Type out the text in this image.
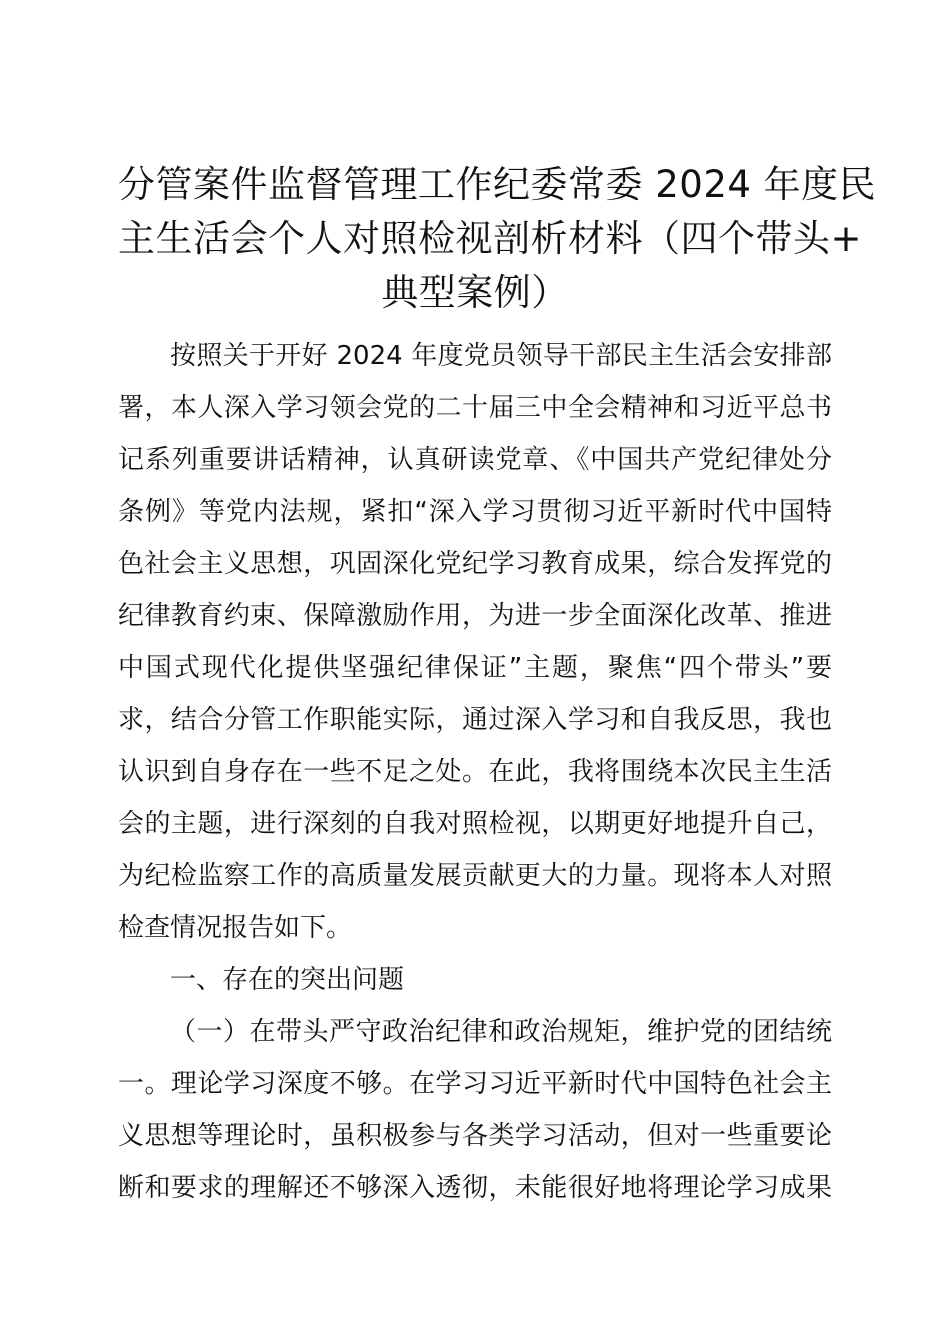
分管案件监督管理工作纪委常委 2024 年度民
主生活会个人对照检视剖析材料（四个带头+
典型案例）
按照关于开好 2024 年度党员领导干部民主生活会安排部
署，本人深入学习领会党的二十届三中全会精神和习近平总书
记系列重要讲话精神，认真研读党章、《中国共产党纪律处分
条例》等党内法规，紧扣“深入学习贯彻习近平新时代中国特
色社会主义思想，巩固深化党纪学习教育成果，综合发挥党的
纪律教育约束、保障激励作用，为进一步全面深化改革、推进
中国式现代化提供坚强纪律保证”主题，聚焦“四个带头”要
求，结合分管工作职能实际，通过深入学习和自我反思，我也
认识到自身存在一些不足之处。在此，我将围绕本次民主生活
会的主题，进行深刻的自我对照检视，以期更好地提升自己，
为纪检监察工作的高质量发展贡献更大的力量。现将本人对照
检查情况报告如下。
一、存在的突出问题
（一）在带头严守政治纪律和政治规矩，维护党的团结统
一。理论学习深度不够。在学习习近平新时代中国特色社会主
义思想等理论时，虽积极参与各类学习活动，但对一些重要论
断和要求的理解还不够深入透彻，未能很好地将理论学习成果
